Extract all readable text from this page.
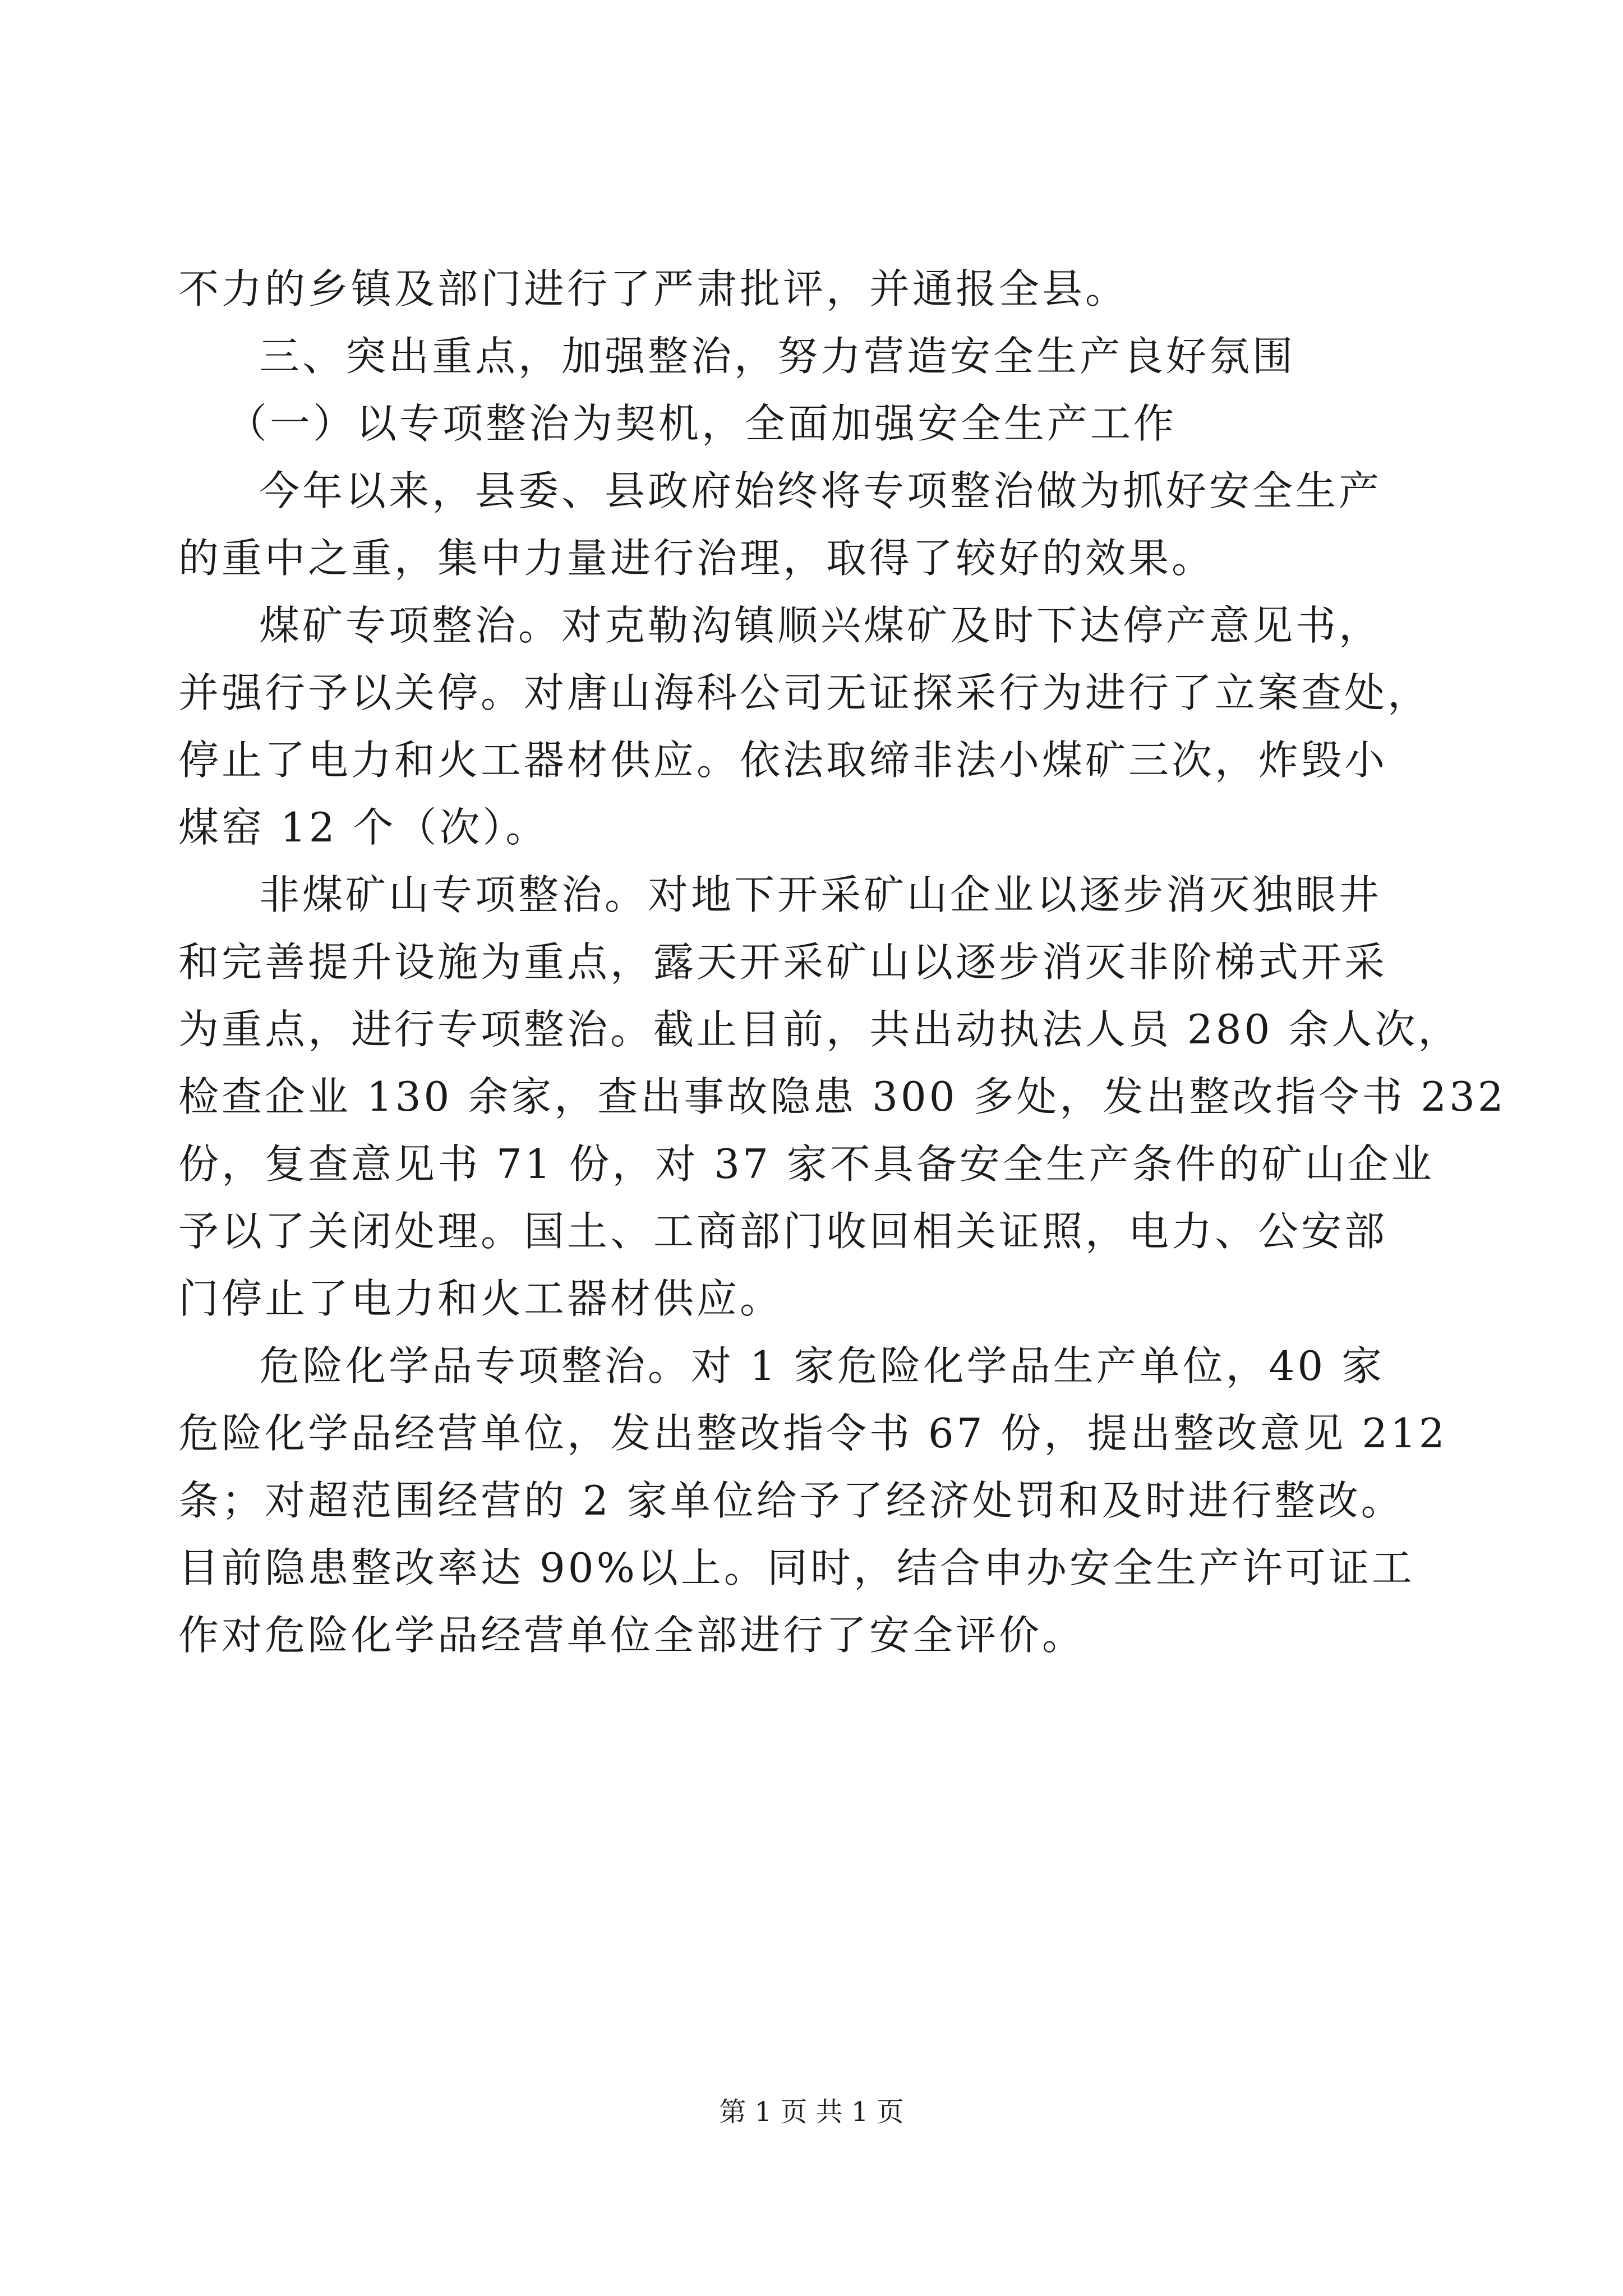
不力的乡镇及部门进行了严肃批评，并通报全县。
三、突出重点，加强整治，努力营造安全生产良好氛围
（一）以专项整治为契机，全面加强安全生产工作
今年以来，县委、县政府始终将专项整治做为抓好安全生产
的重中之重，集中力量进行治理，取得了较好的效果。
煤矿专项整治。对克勒沟镇顺兴煤矿及时下达停产意见书，
并强行予以关停。对唐山海科公司无证探采行为进行了立案查处，
停止了电力和火工器材供应。依法取缔非法小煤矿三次，炸毁小
煤窑 12 个（次）。
非煤矿山专项整治。对地下开采矿山企业以逐步消灭独眼井
和完善提升设施为重点，露天开采矿山以逐步消灭非阶梯式开采
为重点，进行专项整治。截止目前，共出动执法人员 280 余人次，
检查企业 130 余家，查出事故隐患 300 多处，发出整改指令书 232
份，复查意见书 71 份，对 37 家不具备安全生产条件的矿山企业
予以了关闭处理。国土、工商部门收回相关证照，电力、公安部
门停止了电力和火工器材供应。
危险化学品专项整治。对 1 家危险化学品生产单位，40 家
危险化学品经营单位，发出整改指令书 67 份，提出整改意见 212
条；对超范围经营的 2 家单位给予了经济处罚和及时进行整改。
目前隐患整改率达 90%以上。同时，结合申办安全生产许可证工
作对危险化学品经营单位全部进行了安全评价。
第 1 页 共 1 页
